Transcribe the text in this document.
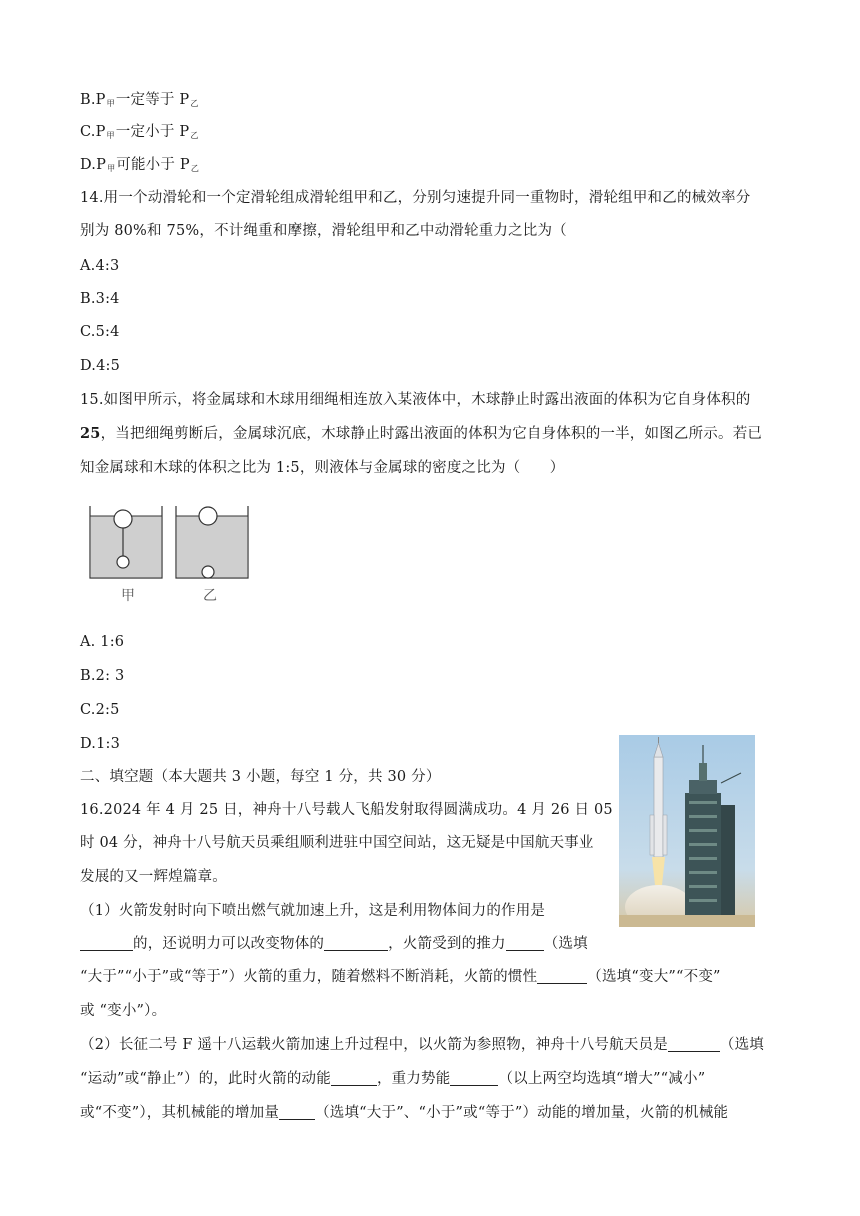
$B.P_甲$一定等于 $P_乙$
$C.P_甲$一定小于 $P_乙$
$D.P_甲$可能小于 $P_乙$
14.用一个动滑轮和一个定滑轮组成滑轮组甲和乙，分别匀速提升同一重物时，滑轮组甲和乙的械效率分
别为 80%和 75%，不计绳重和摩擦，滑轮组甲和乙中动滑轮重力之比为（
A.4:3
B.3:4
C.5:4
D.4:5
15.如图甲所示，将金属球和木球用细绳相连放入某液体中，木球静止时露出液面的体积为它自身体积的
25，当把细绳剪断后，金属球沉底，木球静止时露出液面的体积为它自身体积的一半，如图乙所示。若已
知金属球和木球的体积之比为 1:5，则液体与金属球的密度之比为（　　）
甲	乙
A. 1:6
B.2: 3
C.2:5
D.1:3
二、填空题（本大题共 3 小题，每空 1 分，共 30 分）
16.2024 年 4 月 25 日，神舟十八号载人飞船发射取得圆满成功。4 月 26 日 05
时 04 分，神舟十八号航天员乘组顺利进驻中国空间站，这无疑是中国航天事业
发展的又一辉煌篇章。
（1）火箭发射时向下喷出燃气就加速上升，这是利用物体间力的作用是
的，还说明力可以改变物体的	，火箭受到的推力	（选填
“大于”“小于”或“等于”）火箭的重力，随着燃料不断消耗，火箭的惯性	（选填“变大”“不变”
或 “变小”）。
（2）长征二号 F 遥十八运载火箭加速上升过程中，以火箭为参照物，神舟十八号航天员是	（选填
“运动”或“静止”）的，此时火箭的动能	，重力势能	（以上两空均选填“增大”“减小”
或“不变”），其机械能的增加量 （选填“大于”、“小于”或“等于”）动能的增加量，火箭的机械能
